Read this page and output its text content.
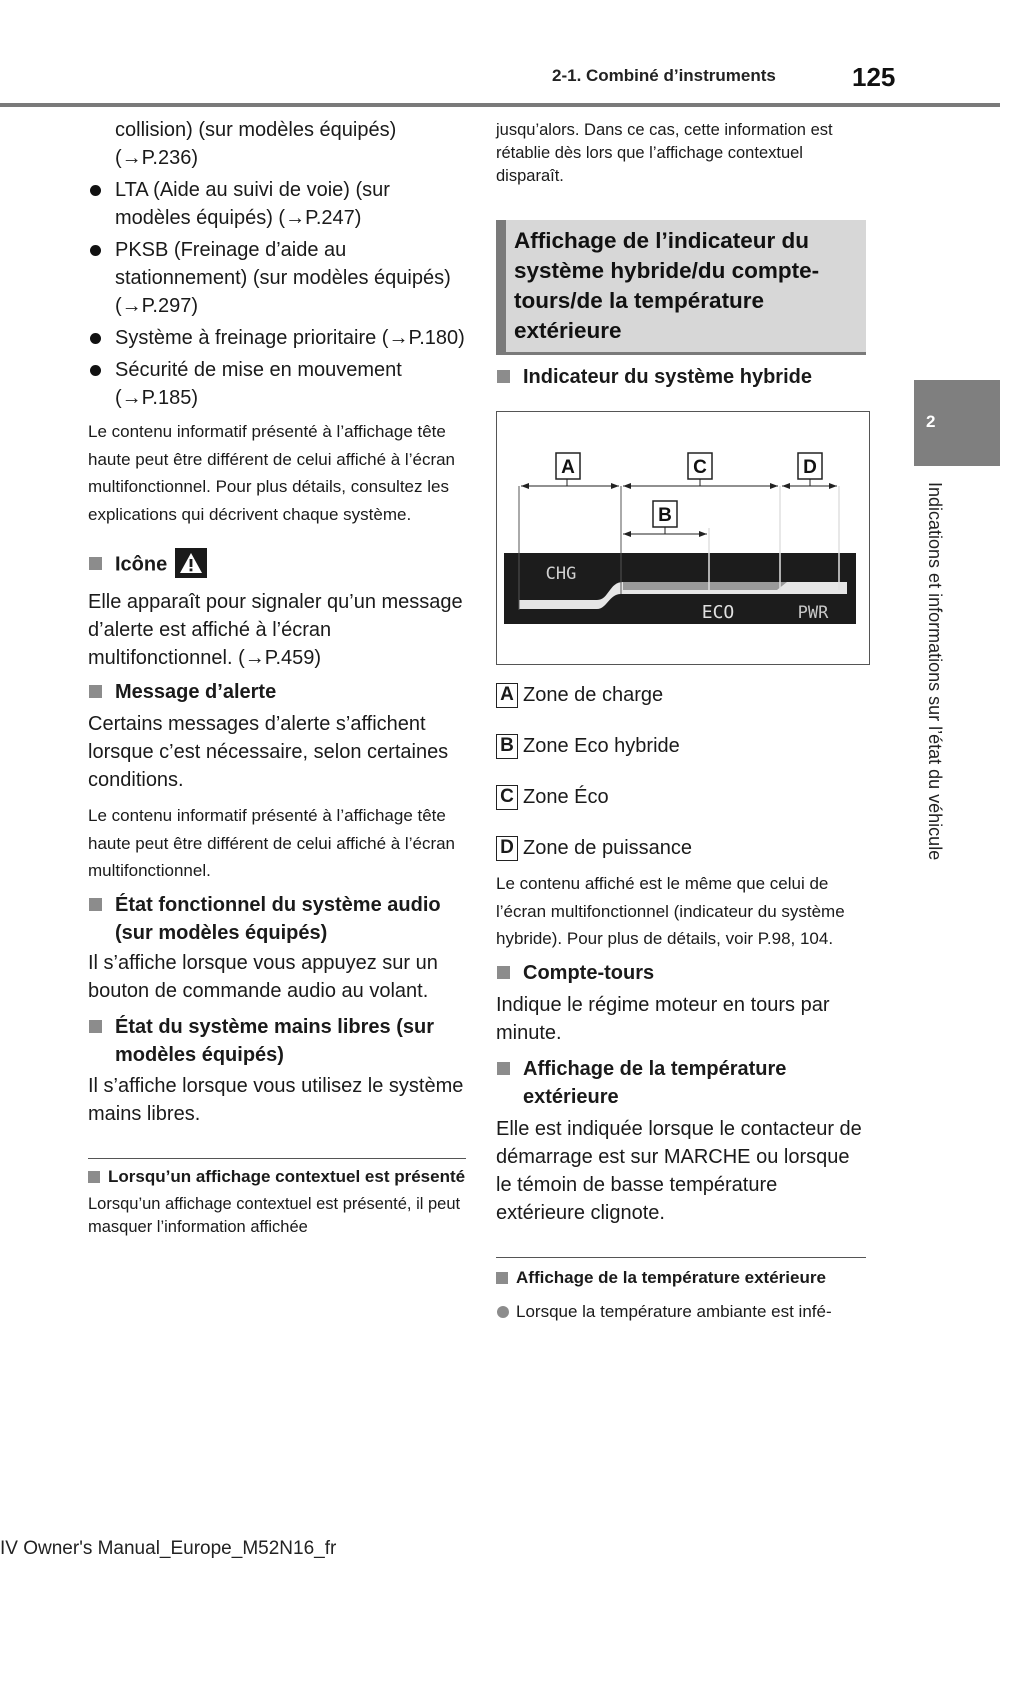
2-1. Combiné d’instruments	125
2
Indications et informations sur l’état du véhicule
collision) (sur modèles équipés)
(→P.236)
LTA (Aide au suivi de voie) (sur modèles équipés) (→P.247)
PKSB (Freinage d’aide au stationnement) (sur modèles équipés) (→P.297)
Système à freinage prioritaire (→P.180)
Sécurité de mise en mouvement (→P.185)

Le contenu informatif présenté à l’affichage tête haute peut être différent de celui affiché à l’écran multifonctionnel. Pour plus détails, consultez les explications qui décrivent chaque système.

Icône

Elle apparaît pour signaler qu’un message d’alerte est affiché à l’écran multifonctionnel. (→P.459)

Message d’alerte

Certains messages d’alerte s’affichent lorsque c’est nécessaire, selon certaines conditions.

Le contenu informatif présenté à l’affichage tête haute peut être différent de celui affiché à l’écran multifonctionnel.

État fonctionnel du système audio (sur modèles équipés)

Il s’affiche lorsque vous appuyez sur un bouton de commande audio au volant.

État du système mains libres (sur modèles équipés)

Il s’affiche lorsque vous utilisez le système mains libres.

Lorsqu’un affichage contextuel est présenté

Lorsqu’un affichage contextuel est présenté, il peut masquer l’information affichée

jusqu’alors. Dans ce cas, cette information est rétablie dès lors que l’affichage contextuel disparaît.

Affichage de l’indicateur du système hybride/du compte-tours/de la température extérieure

Indicateur du système hybride

A	C	D
B
CHG
ECO	PWR
A Zone de charge
B Zone Eco hybride
C Zone Éco
D Zone de puissance

Le contenu affiché est le même que celui de l’écran multifonctionnel (indicateur du système hybride). Pour plus de détails, voir P.98, 104.

Compte-tours

Indique le régime moteur en tours par minute.

Affichage de la température extérieure

Elle est indiquée lorsque le contacteur de démarrage est sur MARCHE ou lorsque le témoin de basse température extérieure clignote.

Affichage de la température extérieure

Lorsque la température ambiante est infé-

IV Owner's Manual_Europe_M52N16_fr
